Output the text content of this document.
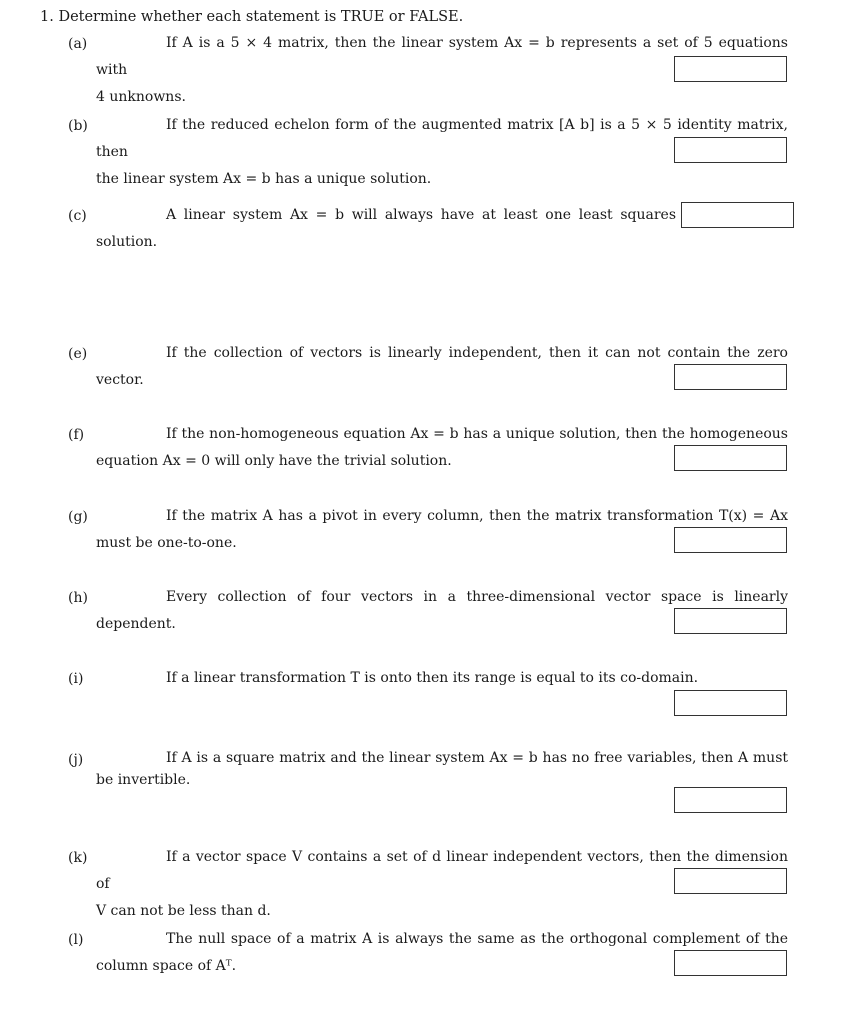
1. Determine whether each statement is TRUE or FALSE.
(a)	If A is a 5 × 4 matrix, then the linear system Ax = b represents a set of 5 equations with
4 unknowns.
(b)	If the reduced echelon form of the augmented matrix [A b] is a 5 × 5 identity matrix, then
the linear system Ax = b has a unique solution.
(c)	A linear system Ax = b will always have at least one least squares solution.
(e)	If the collection of vectors is linearly independent, then it can not contain the zero vector.
(f)	If the non-homogeneous equation Ax = b has a unique solution, then the homogeneous
equation Ax = 0 will only have the trivial solution.
(g)	If the matrix A has a pivot in every column, then the matrix transformation T(x) = Ax
must be one-to-one.
(h)	Every collection of four vectors in a three-dimensional vector space is linearly dependent.
(i)	If a linear transformation T is onto then its range is equal to its co-domain.
(j)	If A is a square matrix and the linear system Ax = b has no free variables, then A must
be invertible.
(k)	If a vector space V contains a set of d linear independent vectors, then the dimension of
V can not be less than d.
(l)	The null space of a matrix A is always the same as the orthogonal complement of the
column space of Aᵀ.
